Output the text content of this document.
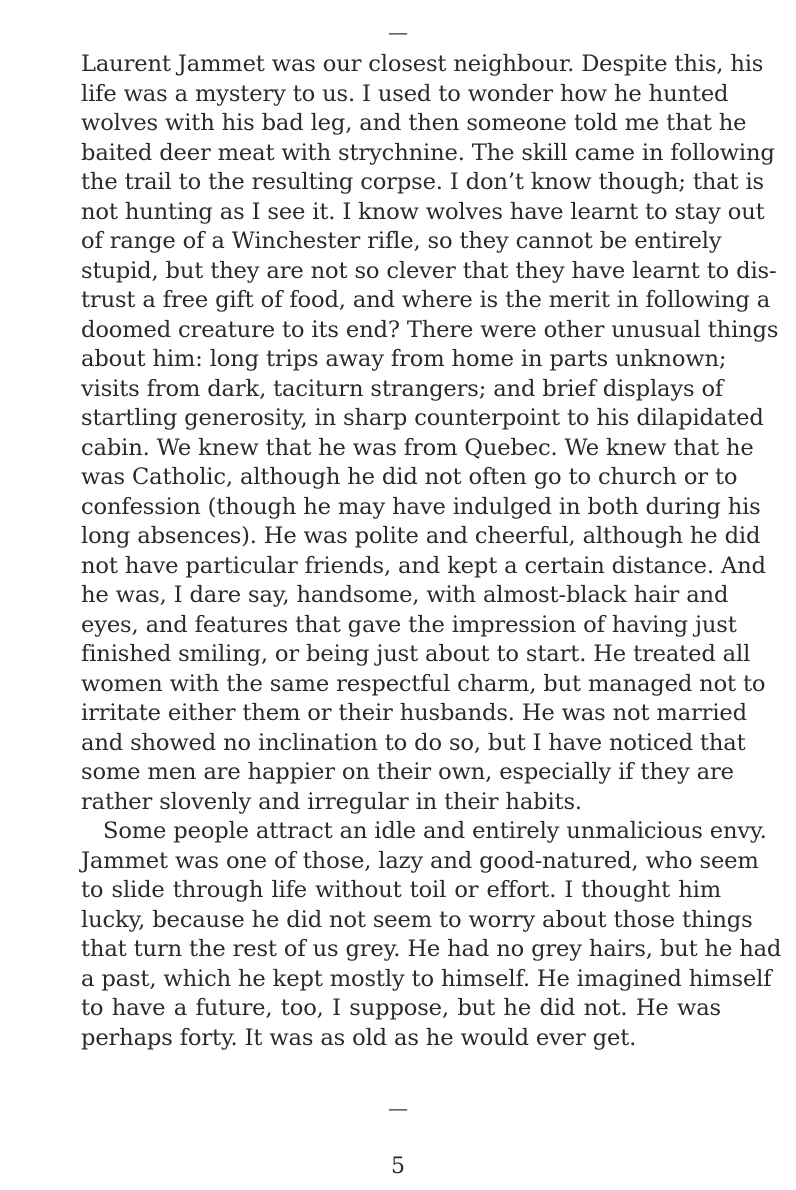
—
Laurent Jammet was our closest neighbour. Despite this, his
life was a mystery to us. I used to wonder how he hunted
wolves with his bad leg, and then someone told me that he
baited deer meat with strychnine. The skill came in following
the trail to the resulting corpse. I don’t know though; that is
not hunting as I see it. I know wolves have learnt to stay out
of range of a Winchester rifle, so they cannot be entirely
stupid, but they are not so clever that they have learnt to dis-
trust a free gift of food, and where is the merit in following a
doomed creature to its end? There were other unusual things
about him: long trips away from home in parts unknown;
visits from dark, taciturn strangers; and brief displays of
startling generosity, in sharp counterpoint to his dilapidated
cabin. We knew that he was from Quebec. We knew that he
was Catholic, although he did not often go to church or to
confession (though he may have indulged in both during his
long absences). He was polite and cheerful, although he did
not have particular friends, and kept a certain distance. And
he was, I dare say, handsome, with almost-black hair and
eyes, and features that gave the impression of having just
finished smiling, or being just about to start. He treated all
women with the same respectful charm, but managed not to
irritate either them or their husbands. He was not married
and showed no inclination to do so, but I have noticed that
some men are happier on their own, especially if they are
rather slovenly and irregular in their habits.
Some people attract an idle and entirely unmalicious envy.
Jammet was one of those, lazy and good-natured, who seem
to slide through life without toil or effort. I thought him
lucky, because he did not seem to worry about those things
that turn the rest of us grey. He had no grey hairs, but he had
a past, which he kept mostly to himself. He imagined himself
to have a future, too, I suppose, but he did not. He was
perhaps forty. It was as old as he would ever get.
—
5
